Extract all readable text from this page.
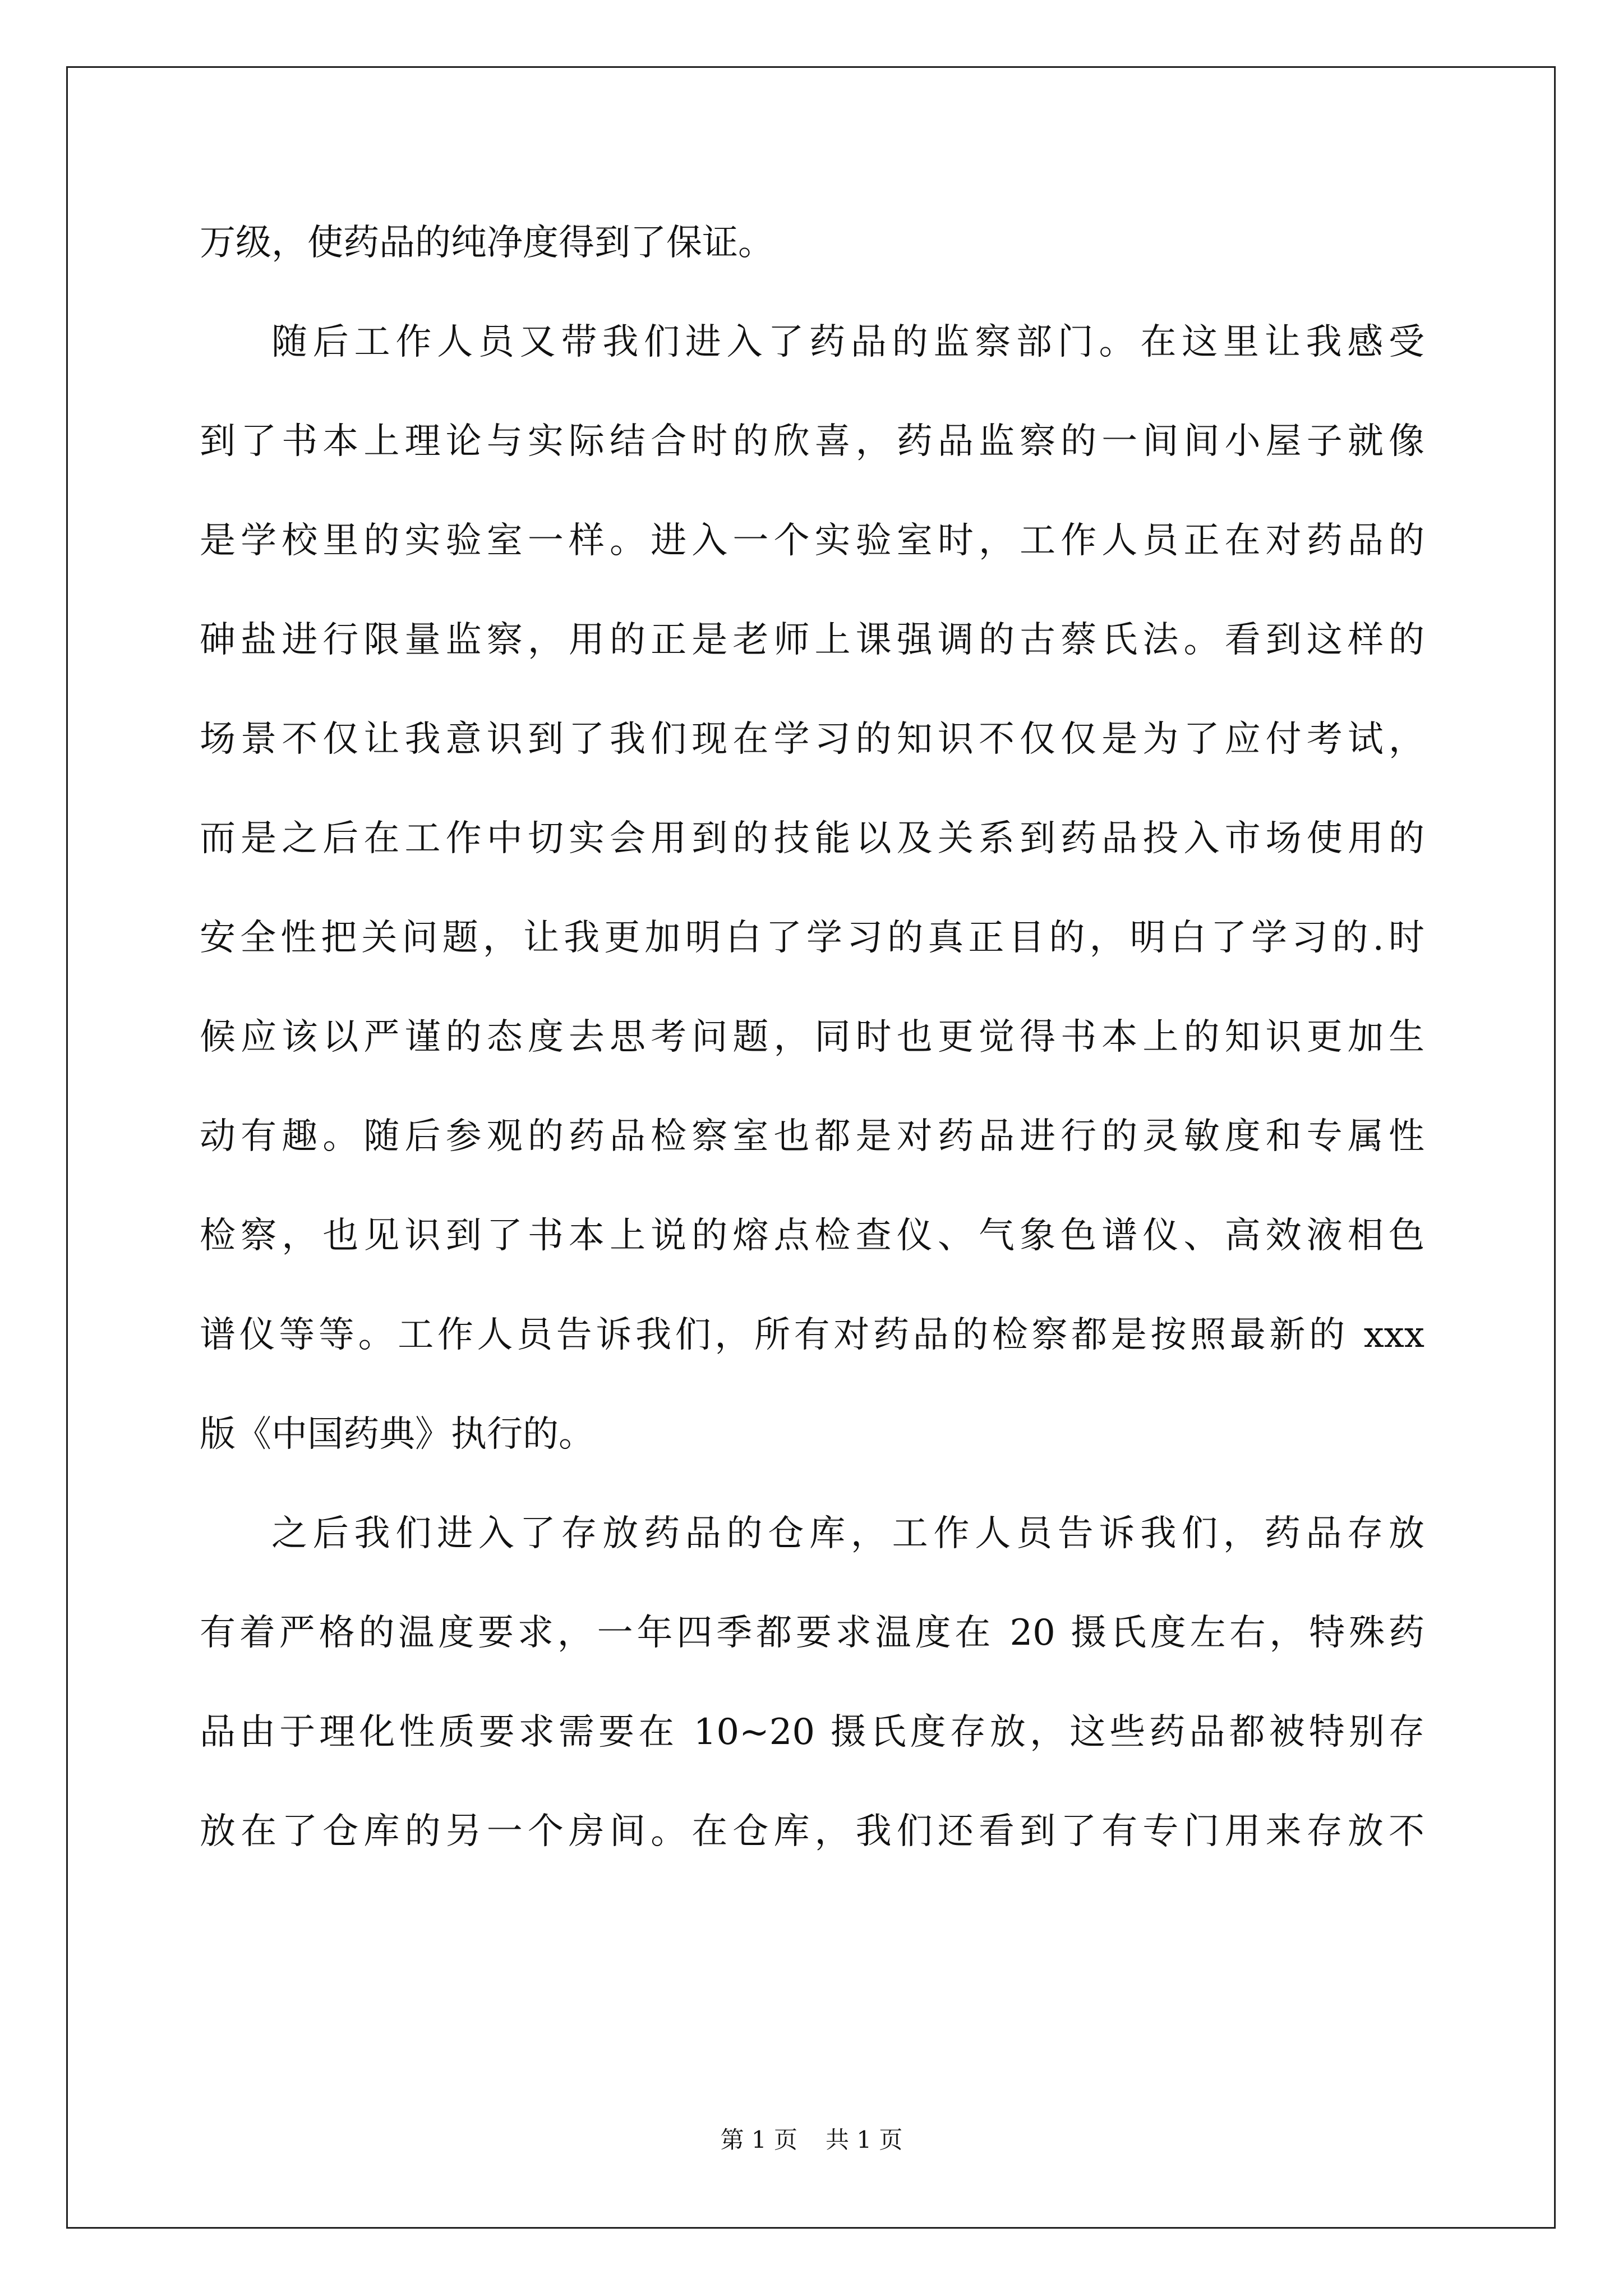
万级，使药品的纯净度得到了保证。
随后工作人员又带我们进入了药品的监察部门。在这里让我感受
到了书本上理论与实际结合时的欣喜，药品监察的一间间小屋子就像
是学校里的实验室一样。进入一个实验室时，工作人员正在对药品的
砷盐进行限量监察，用的正是老师上课强调的古蔡氏法。看到这样的
场景不仅让我意识到了我们现在学习的知识不仅仅是为了应付考试，
而是之后在工作中切实会用到的技能以及关系到药品投入市场使用的
安全性把关问题，让我更加明白了学习的真正目的，明白了学习的.时
候应该以严谨的态度去思考问题，同时也更觉得书本上的知识更加生
动有趣。随后参观的药品检察室也都是对药品进行的灵敏度和专属性
检察，也见识到了书本上说的熔点检查仪、气象色谱仪、高效液相色
谱仪等等。工作人员告诉我们，所有对药品的检察都是按照最新的 xxx
版《中国药典》执行的。
之后我们进入了存放药品的仓库，工作人员告诉我们，药品存放
有着严格的温度要求，一年四季都要求温度在 20 摄氏度左右，特殊药
品由于理化性质要求需要在 10~20 摄氏度存放，这些药品都被特别存
放在了仓库的另一个房间。在仓库，我们还看到了有专门用来存放不
第 1 页 共 1 页
